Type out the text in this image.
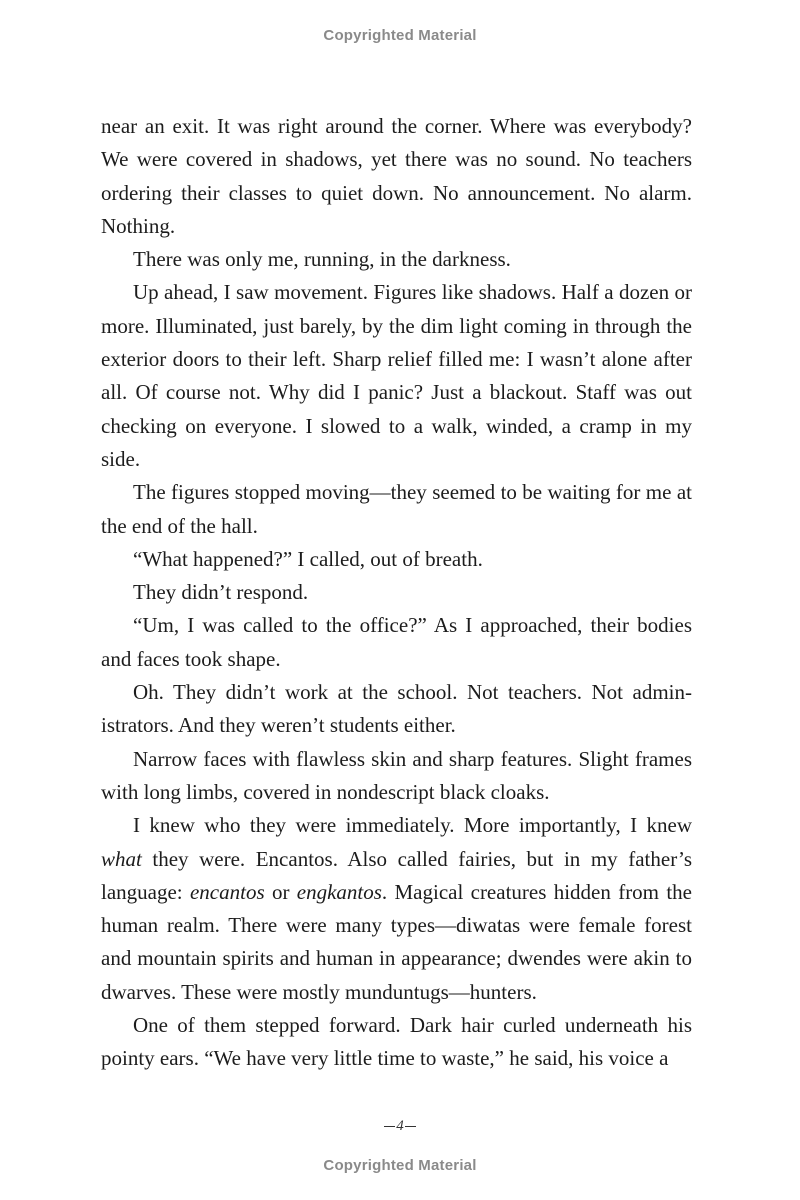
Copyrighted Material

near an exit. It was right around the corner. Where was everybody? We were covered in shadows, yet there was no sound. No teachers ordering their classes to quiet down. No announcement. No alarm. Nothing.

There was only me, running, in the darkness.

Up ahead, I saw movement. Figures like shadows. Half a dozen or more. Illuminated, just barely, by the dim light coming in through the exterior doors to their left. Sharp relief filled me: I wasn’t alone after all. Of course not. Why did I panic? Just a blackout. Staff was out checking on everyone. I slowed to a walk, winded, a cramp in my side.

The figures stopped moving—they seemed to be waiting for me at the end of the hall.

“What happened?” I called, out of breath.

They didn’t respond.

“Um, I was called to the office?” As I approached, their bodies and faces took shape.

Oh. They didn’t work at the school. Not teachers. Not administrators. And they weren’t students either.

Narrow faces with flawless skin and sharp features. Slight frames with long limbs, covered in nondescript black cloaks.

I knew who they were immediately. More importantly, I knew what they were. Encantos. Also called fairies, but in my father’s language: encantos or engkantos. Magical creatures hidden from the human realm. There were many types—diwatas were female forest and mountain spirits and human in appearance; dwendes were akin to dwarves. These were mostly munduntugs—hunters.

One of them stepped forward. Dark hair curled underneath his pointy ears. “We have very little time to waste,” he said, his voice a

4
Copyrighted Material
